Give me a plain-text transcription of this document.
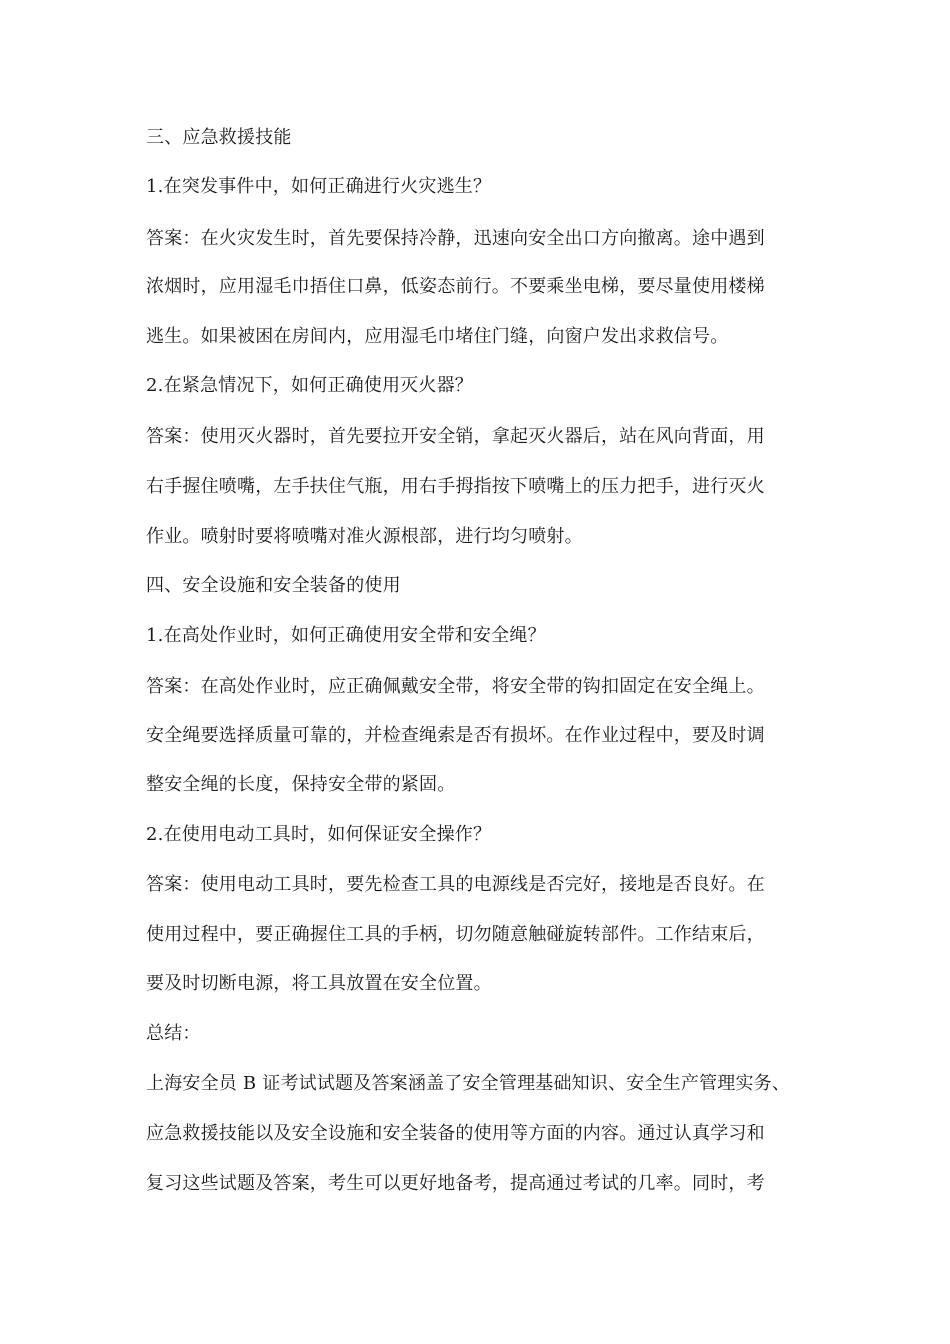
三、应急救援技能
1.在突发事件中，如何正确进行火灾逃生？
答案：在火灾发生时，首先要保持冷静，迅速向安全出口方向撤离。途中遇到
浓烟时，应用湿毛巾捂住口鼻，低姿态前行。不要乘坐电梯，要尽量使用楼梯
逃生。如果被困在房间内，应用湿毛巾堵住门缝，向窗户发出求救信号。
2.在紧急情况下，如何正确使用灭火器？
答案：使用灭火器时，首先要拉开安全销，拿起灭火器后，站在风向背面，用
右手握住喷嘴，左手扶住气瓶，用右手拇指按下喷嘴上的压力把手，进行灭火
作业。喷射时要将喷嘴对准火源根部，进行均匀喷射。
四、安全设施和安全装备的使用
1.在高处作业时，如何正确使用安全带和安全绳？
答案：在高处作业时，应正确佩戴安全带，将安全带的钩扣固定在安全绳上。
安全绳要选择质量可靠的，并检查绳索是否有损坏。在作业过程中，要及时调
整安全绳的长度，保持安全带的紧固。
2.在使用电动工具时，如何保证安全操作？
答案：使用电动工具时，要先检查工具的电源线是否完好，接地是否良好。在
使用过程中，要正确握住工具的手柄，切勿随意触碰旋转部件。工作结束后，
要及时切断电源，将工具放置在安全位置。
总结：
上海安全员 B 证考试试题及答案涵盖了安全管理基础知识、安全生产管理实务、
应急救援技能以及安全设施和安全装备的使用等方面的内容。通过认真学习和
复习这些试题及答案，考生可以更好地备考，提高通过考试的几率。同时，考
